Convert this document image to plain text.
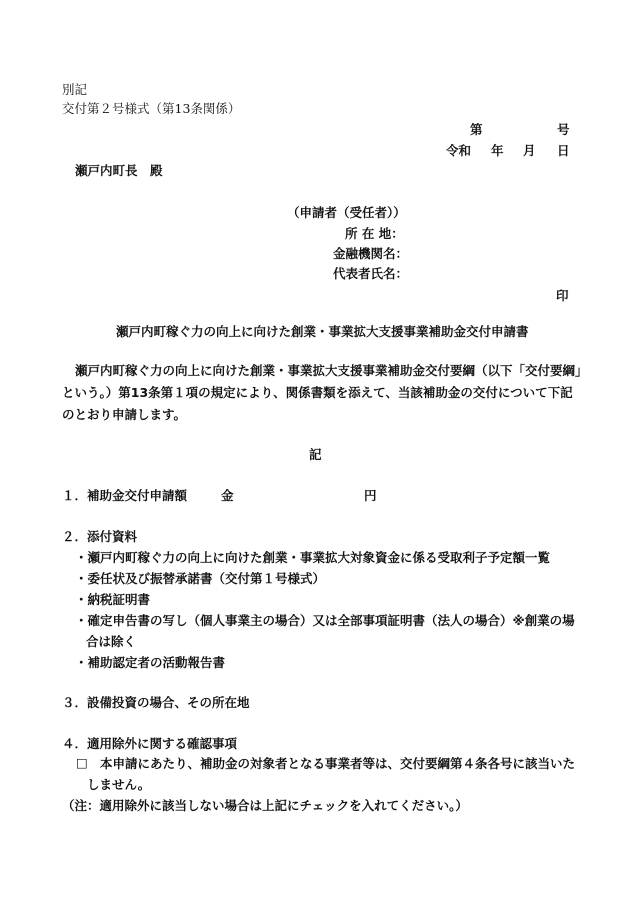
別記
交付第２号様式（第13条関係）
第	号
令和 年 月 日
瀬戸内町長　殿
（申請者（受任者））
所 在 地：
金融機関名：
代表者氏名：
印
瀬戸内町稼ぐ力の向上に向けた創業・事業拡大支援事業補助金交付申請書
瀬戸内町稼ぐ力の向上に向けた創業・事業拡大支援事業補助金交付要綱（以下「交付要綱」
という。）第13条第１項の規定により、関係書類を添えて、当該補助金の交付について下記
のとおり申請します。
記
１．補助金交付申請額	金	円
２．添付資料
・瀬戸内町稼ぐ力の向上に向けた創業・事業拡大対象資金に係る受取利子予定額一覧
・委任状及び振替承諾書（交付第１号様式）
・納税証明書
・確定申告書の写し（個人事業主の場合）又は全部事項証明書（法人の場合）※創業の場
合は除く
・補助認定者の活動報告書
３．設備投資の場合、その所在地
４．適用除外に関する確認事項
□ 本申請にあたり、補助金の対象者となる事業者等は、交付要綱第４条各号に該当いた
しません。
（注：適用除外に該当しない場合は上記にチェックを入れてください。）
